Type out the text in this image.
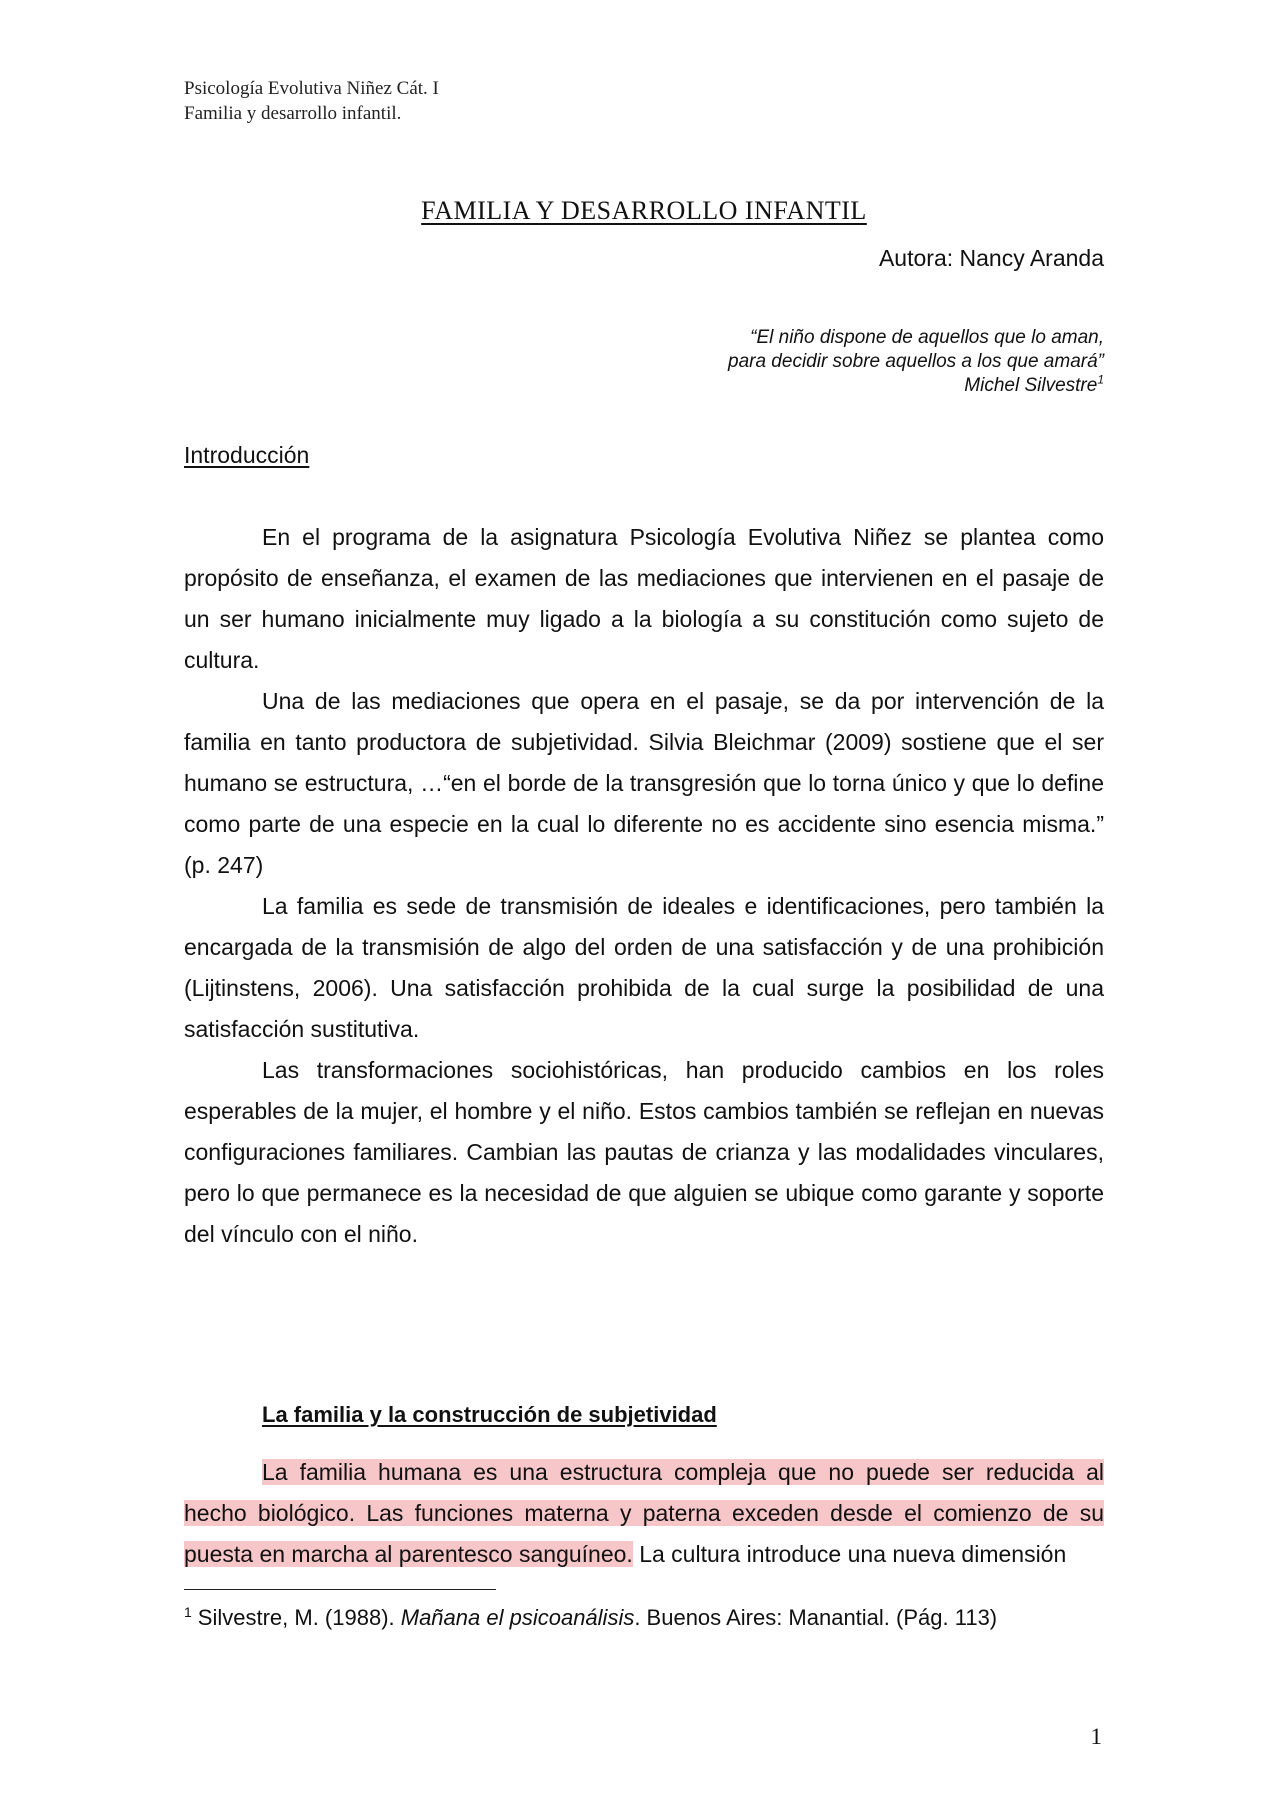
Psicología Evolutiva Niñez Cát. I
Familia y desarrollo infantil.
FAMILIA Y DESARROLLO INFANTIL
Autora: Nancy Aranda
“El niño dispone de aquellos que lo aman,
para decidir sobre aquellos a los que amará”
Michel Silvestre$^1$
Introducción

En el programa de la asignatura Psicología Evolutiva Niñez se plantea como propósito de enseñanza, el examen de las mediaciones que intervienen en el pasaje de un ser humano inicialmente muy ligado a la biología a su constitución como sujeto de cultura.

Una de las mediaciones que opera en el pasaje, se da por intervención de la familia en tanto productora de subjetividad. Silvia Bleichmar (2009) sostiene que el ser humano se estructura, …“en el borde de la transgresión que lo torna único y que lo define como parte de una especie en la cual lo diferente no es accidente sino esencia misma.” (p. 247)

La familia es sede de transmisión de ideales e identificaciones, pero también la encargada de la transmisión de algo del orden de una satisfacción y de una prohibición (Lijtinstens, 2006). Una satisfacción prohibida de la cual surge la posibilidad de una satisfacción sustitutiva.

Las transformaciones sociohistóricas, han producido cambios en los roles esperables de la mujer, el hombre y el niño. Estos cambios también se reflejan en nuevas configuraciones familiares. Cambian las pautas de crianza y las modalidades vinculares, pero lo que permanece es la necesidad de que alguien se ubique como garante y soporte del vínculo con el niño.

La familia y la construcción de subjetividad

La familia humana es una estructura compleja que no puede ser reducida al hecho biológico. Las funciones materna y paterna exceden desde el comienzo de su puesta en marcha al parentesco sanguíneo. La cultura introduce una nueva dimensión

$^1$ Silvestre, M. (1988). Mañana el psicoanálisis. Buenos Aires: Manantial. (Pág. 113)
1
